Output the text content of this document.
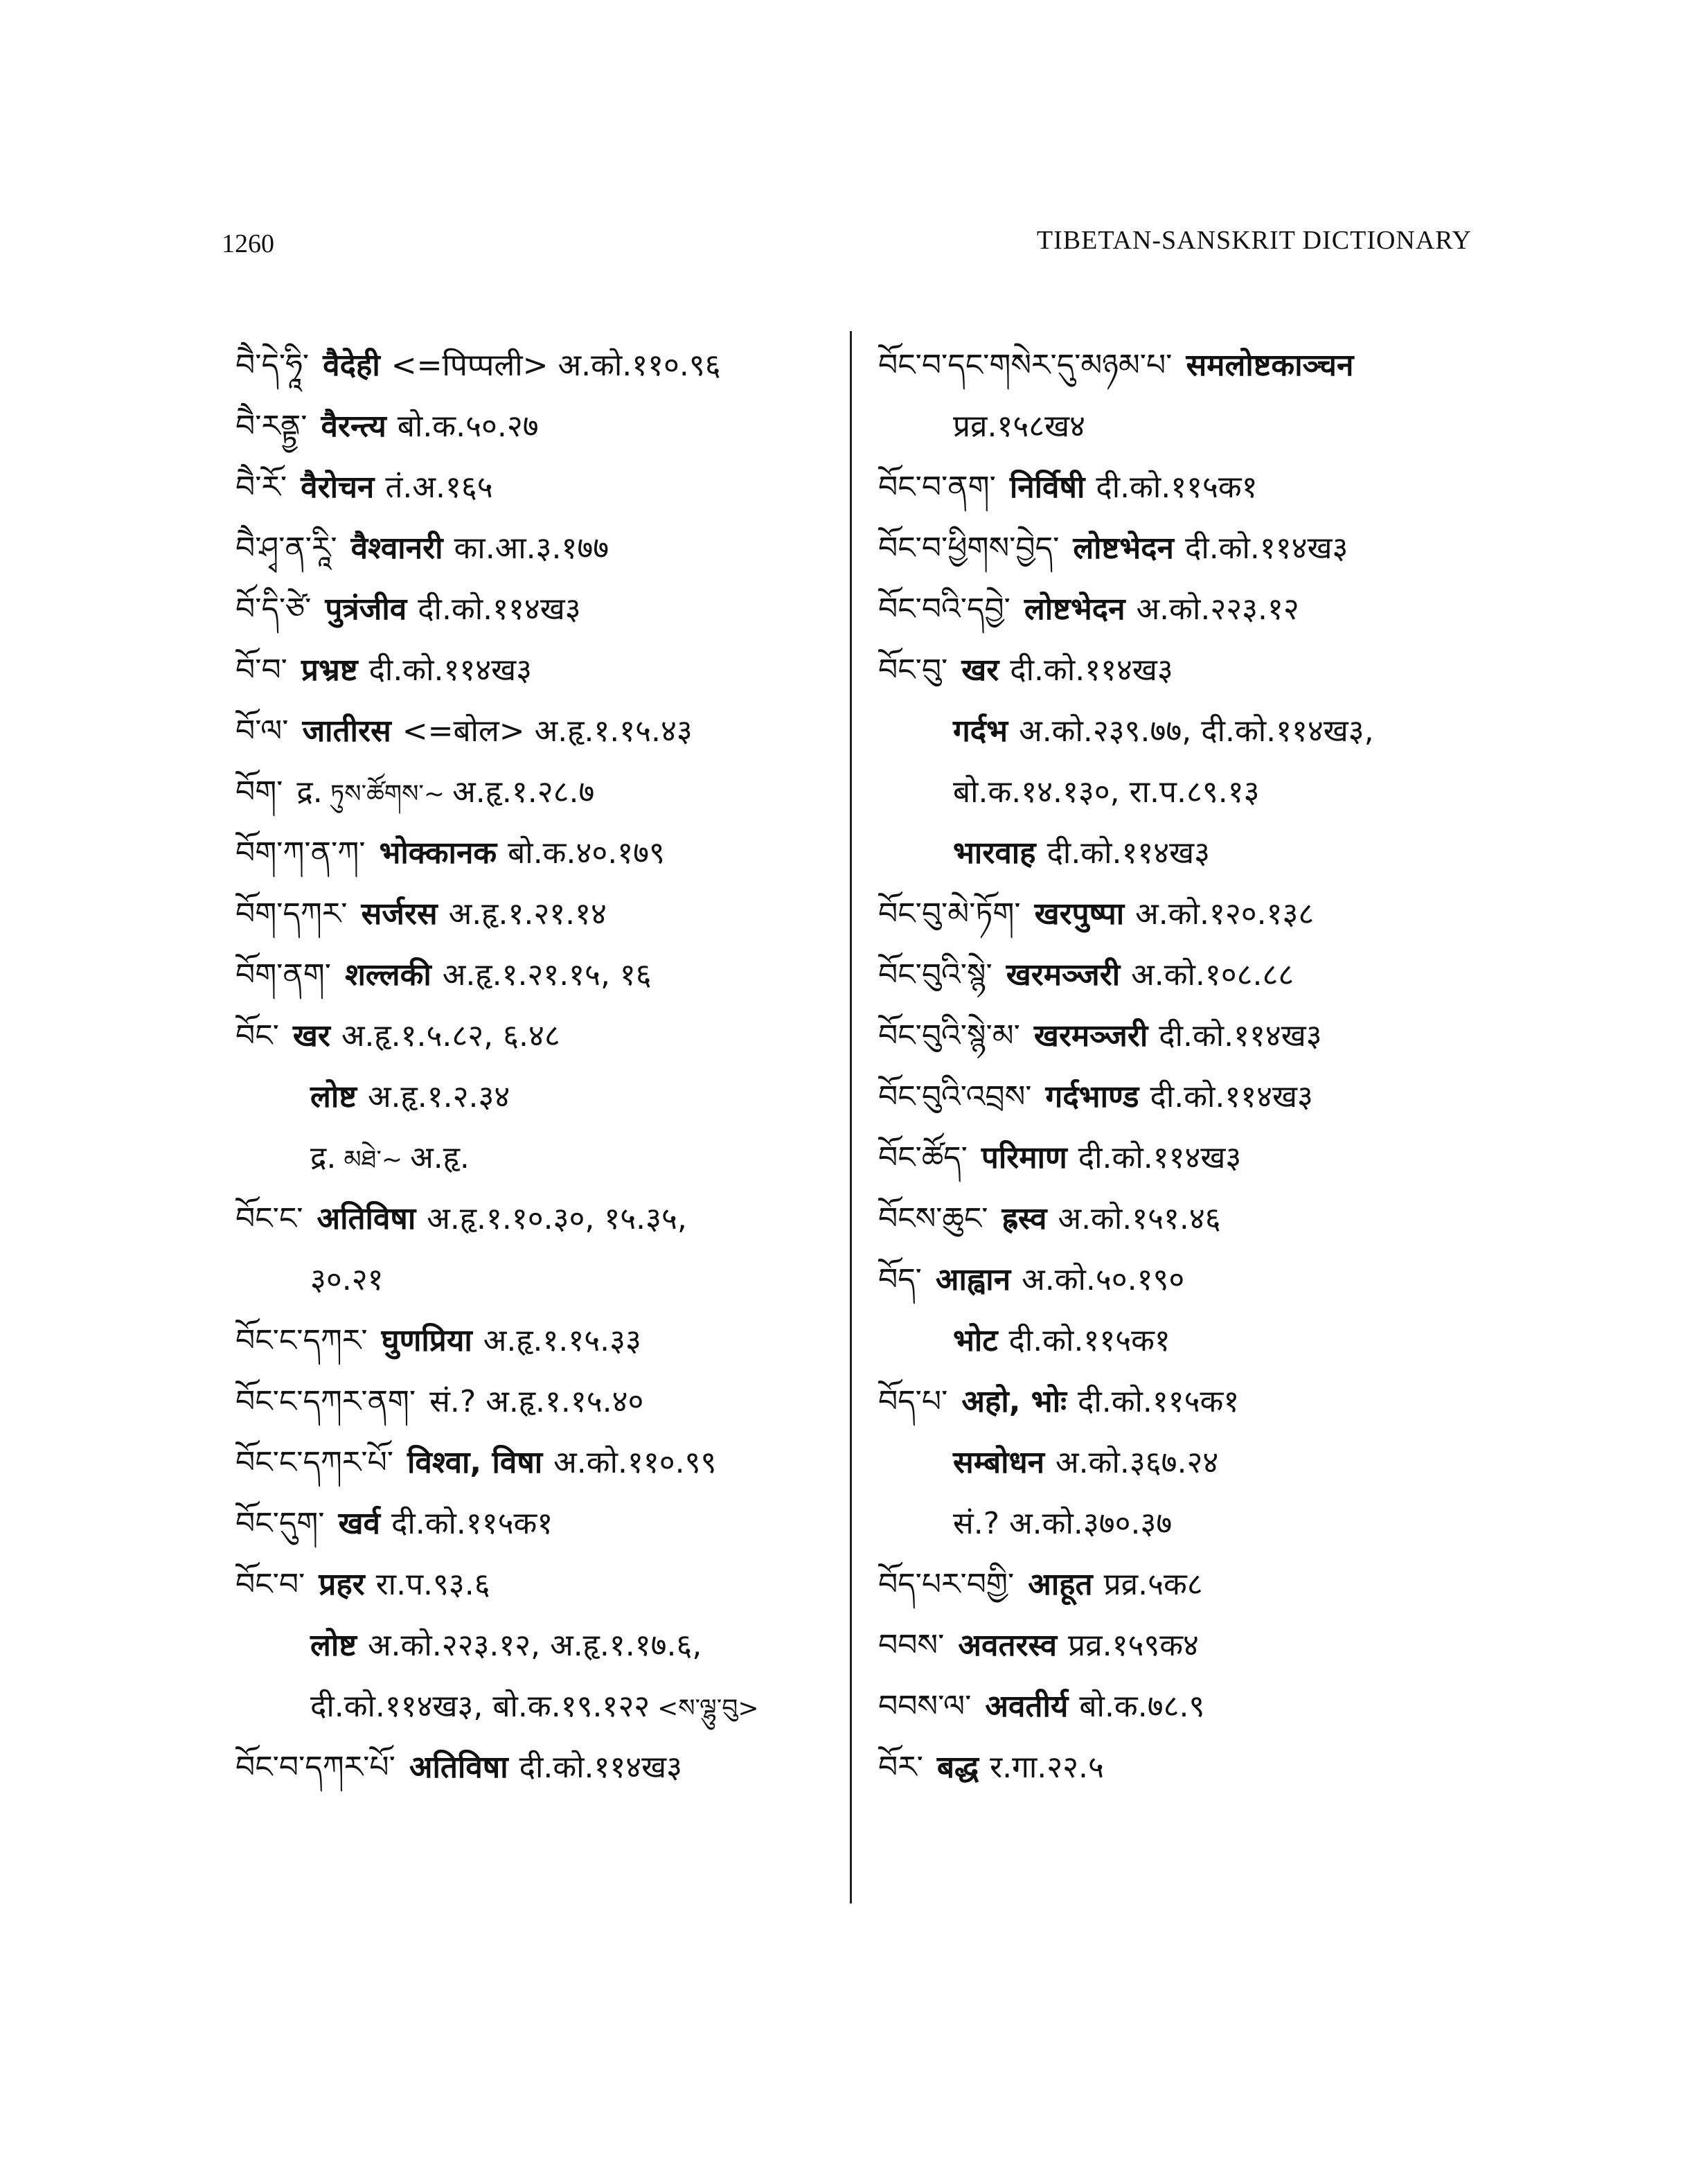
1260	TIBETAN-SANSKRIT DICTIONARY
བཻ་དེ་ཧཱི་ वैदेही <=पिप्पली> अ.को.११०.९६
བཻ་རནྟྱ་ वैरन्त्य बो.क.५०.२७
བཻ་རོ་ वैरोचन तं.अ.१६५
བཻ་ཤྭ་ན་རཱི་ वैश्वानरी का.आ.३.१७७
བོ་དི་ཙེ་ पुत्रंजीव दी.को.११४ख३
བོ་བ་ प्रभ्रष्ट दी.को.११४ख३
བོ་ལ་ जातीरस <=बोल> अ.हृ.१.१५.४३
བོག་ द्र. ཏུས་ཚོགས་~ अ.हृ.१.२८.७
བོག་ཀ་ན་ཀ་ भोक्कानक बो.क.४०.१७९
བོག་དཀར་ सर्जरस अ.हृ.१.२१.१४
བོག་ནག་ शल्लकी अ.हृ.१.२१.१५, १६
བོང་ खर अ.हृ.१.५.८२, ६.४८
लोष्ट अ.हृ.१.२.३४
द्र. མཐེ་~ अ.हृ.
བོང་ང་ अतिविषा अ.हृ.१.१०.३०, १५.३५,
३०.२१
བོང་ང་དཀར་ घुणप्रिया अ.हृ.१.१५.३३
བོང་ང་དཀར་ནག་ सं.? अ.हृ.१.१५.४०
བོང་ང་དཀར་པོ་ विश्वा, विषा अ.को.११०.९९
བོང་དུག་ खर्व दी.को.११५क१
བོང་བ་ प्रहर रा.प.९३.६
लोष्ट अ.को.२२३.१२, अ.हृ.१.१७.६,
दी.को.११४ख३, बो.क.१९.१२२ <ས་ལྷུ་བུ>
བོང་བ་དཀར་པོ་ अतिविषा दी.को.११४ख३
བོང་བ་དང་གསེར་དུ་མཉམ་པ་ समलोष्टकाञ्चन
प्रव्र.१५८ख४
བོང་བ་ནག་ निर्विषी दी.को.११५क१
བོང་བ་ཕྱིགས་བྱེད་ लोष्टभेदन दी.को.११४ख३
བོང་བའི་དབྱེ་ लोष्टभेदन अ.को.२२३.१२
བོང་བུ་ खर दी.को.११४ख३
गर्दभ अ.को.२३९.७७, दी.को.११४ख३,
बो.क.१४.१३०, रा.प.८९.१३
भारवाह दी.को.११४ख३
བོང་བུ་མེ་ཏོག་ खरपुष्पा अ.को.१२०.१३८
བོང་བུའི་སྙེ་ खरमञ्जरी अ.को.१०८.८८
བོང་བུའི་སྙེ་མ་ खरमञ्जरी दी.को.११४ख३
བོང་བུའི་འབྲས་ गर्दभाण्ड दी.को.११४ख३
བོང་ཚོད་ परिमाण दी.को.११४ख३
བོངས་ཆུང་ ह्रस्व अ.को.१५१.४६
བོད་ आह्वान अ.को.५०.१९०
भोट दी.को.११५क१
བོད་པ་ अहो, भोः दी.को.११५क१
सम्बोधन अ.को.३६७.२४
सं.? अ.को.३७०.३७
བོད་པར་བགྱི་ आहूत प्रव्र.५क८
བབས་ अवतरस्व प्रव्र.१५९क४
བབས་ལ་ अवतीर्य बो.क.७८.९
བོར་ बद्ध र.गा.२२.५
